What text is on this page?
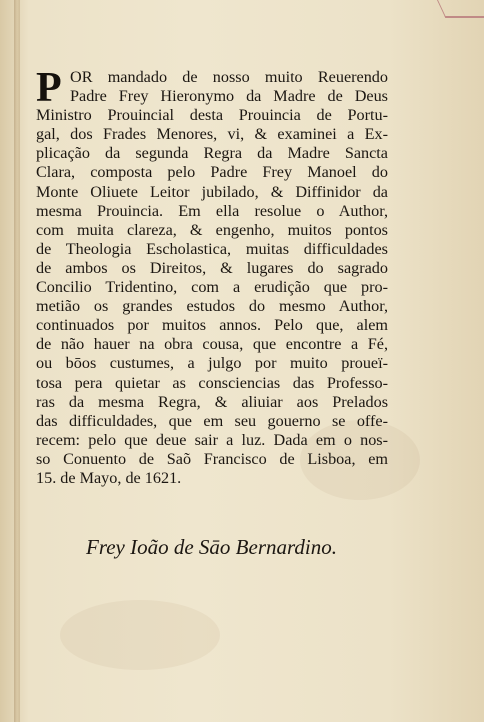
P OR mandado de nosso muito Reuerendo
Padre Frey Hieronymo da Madre de Deus
Ministro Prouincial desta Prouincia de Portu-
gal, dos Frades Menores, vi, & examinei a Ex-
plicação da segunda Regra da Madre Sancta
Clara, composta pelo Padre Frey Manoel do
Monte Oliuete Leitor jubilado, & Diffinidor da
mesma Prouincia. Em ella resolue o Author,
com muita clareza, & engenho, muitos pontos
de Theologia Escholastica, muitas difficuldades
de ambos os Direitos, & lugares do sagrado
Concilio Tridentino, com a erudição que pro-
metião os grandes estudos do mesmo Author,
continuados por muitos annos. Pelo que, alem
de não hauer na obra cousa, que encontre a Fé,
ou bōos custumes, a julgo por muito proueï-
tosa pera quietar as consciencias das Professo-
ras da mesma Regra, & aliuiar aos Prelados
das difficuldades, que em seu gouerno se offe-
recem: pelo que deue sair a luz. Dada em o nos-
so Conuento de Saõ Francisco de Lisboa, em
15. de Mayo, de 1621.
Frey Ioão de Sāo Bernardino.
